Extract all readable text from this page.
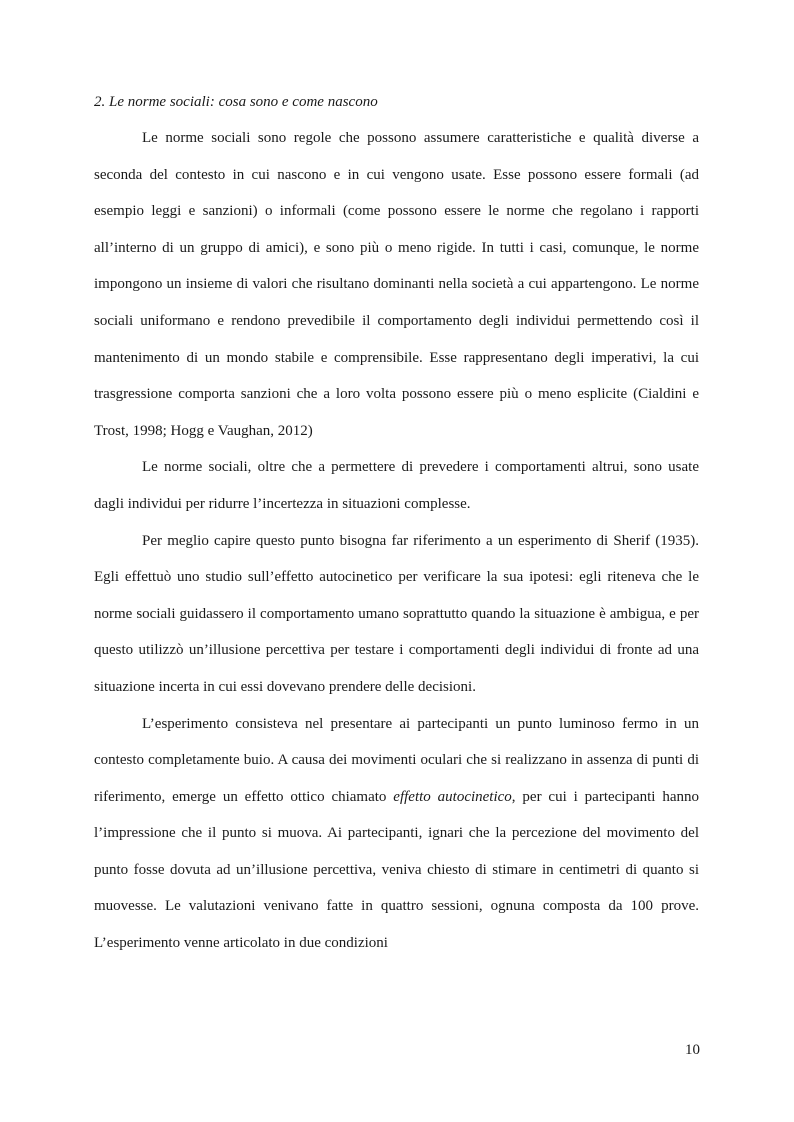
2. Le norme sociali: cosa sono e come nascono

Le norme sociali sono regole che possono assumere caratteristiche e qualità diverse a seconda del contesto in cui nascono e in cui vengono usate. Esse possono essere formali (ad esempio leggi e sanzioni) o informali (come possono essere le norme che regolano i rapporti all’interno di un gruppo di amici), e sono più o meno rigide. In tutti i casi, comunque, le norme impongono un insieme di valori che risultano dominanti nella società a cui appartengono. Le norme sociali uniformano e rendono prevedibile il comportamento degli individui permettendo così il mantenimento di un mondo stabile e comprensibile. Esse rappresentano degli imperativi, la cui trasgressione comporta sanzioni che a loro volta possono essere più o meno esplicite (Cialdini e Trost, 1998; Hogg e Vaughan, 2012)

Le norme sociali, oltre che a permettere di prevedere i comportamenti altrui, sono usate dagli individui per ridurre l’incertezza in situazioni complesse.

Per meglio capire questo punto bisogna far riferimento a un esperimento di Sherif (1935). Egli effettuò uno studio sull’effetto autocinetico per verificare la sua ipotesi: egli riteneva che le norme sociali guidassero il comportamento umano soprattutto quando la situazione è ambigua, e per questo utilizzò un’illusione percettiva per testare i comportamenti degli individui di fronte ad una situazione incerta in cui essi dovevano prendere delle decisioni.

L’esperimento consisteva nel presentare ai partecipanti un punto luminoso fermo in un contesto completamente buio. A causa dei movimenti oculari che si realizzano in assenza di punti di riferimento, emerge un effetto ottico chiamato effetto autocinetico, per cui i partecipanti hanno l’impressione che il punto si muova. Ai partecipanti, ignari che la percezione del movimento del punto fosse dovuta ad un’illusione percettiva, veniva chiesto di stimare in centimetri di quanto si muovesse. Le valutazioni venivano fatte in quattro sessioni, ognuna composta da 100 prove. L’esperimento venne articolato in due condizioni

10
